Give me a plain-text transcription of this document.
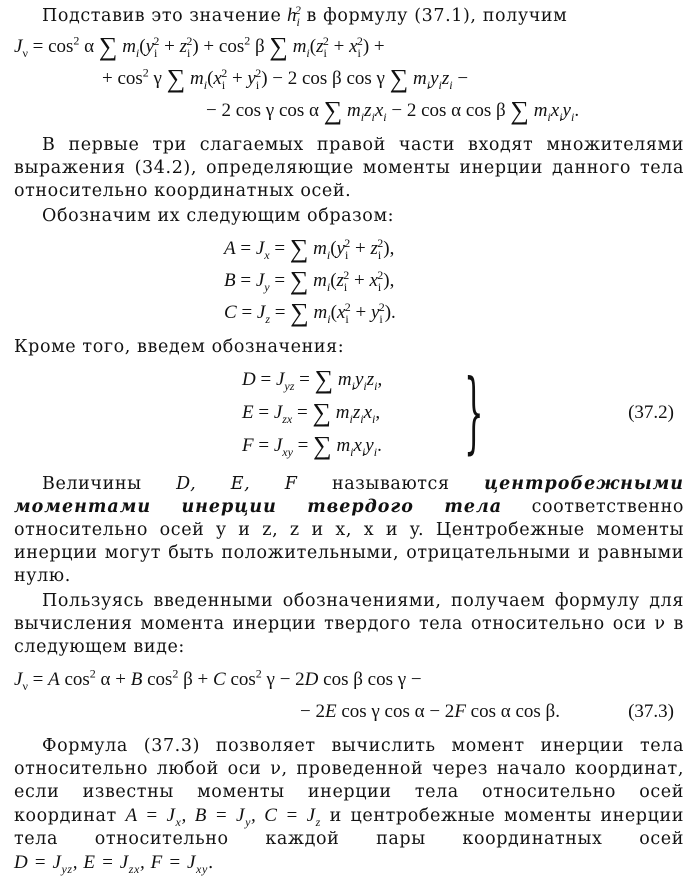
Подставив это значение $h_i^2$ в формулу (37.1), получим

$J_\nu = \cos^2 \alpha$ ∑ $m_i(y_i^2 + z_i^2) + \cos^2 \beta$ ∑ $m_i(z_i^2 + x_i^2)$ +
+ $\cos^2 \gamma$ ∑ $m_i(x_i^2 + y_i^2) - 2$ cos β cos γ ∑ $m_iy_iz_i$ −
− 2 cos γ cos α ∑ $m_iz_ix_i - 2$ cos α cos β ∑ $m_ix_iy_i$.

В первые три слагаемых правой части входят множителями выражения (34.2), определяющие моменты инерции данного тела относительно координатных осей.

Обозначим их следующим образом:

$A = J_x$ = ∑ $m_i(y_i^2 + z_i^2)$,
$B = J_y$ = ∑ $m_i(z_i^2 + x_i^2)$,
$C = J_z$ = ∑ $m_i(x_i^2 + y_i^2)$.

Кроме того, введем обозначения:

$D = J_{yz}$ = ∑ $m_iy_iz_i$,
$E = J_{zx}$ = ∑ $m_iz_ix_i$,	(37.2)
$F = J_{xy}$ = ∑ $m_ix_iy_i$. }

Величины D, E, F называются центробежными моментами инерции твердого тела соответственно относительно осей y и z, z и x, x и y. Центробежные моменты инерции могут быть положительными, отрицательными и равными нулю.

Пользуясь введенными обозначениями, получаем формулу для вычисления момента инерции твердого тела относительно оси ν в следующем виде:

$J_\nu = A$ $\cos^2 \alpha + B$ $\cos^2 \beta + C$ $\cos^2 \gamma - 2D$ cos β cos γ −
− 2E cos γ cos α − 2F cos α cos β.	(37.3)

Формула (37.3) позволяет вычислить момент инерции тела относительно любой оси ν, проведенной через начало координат, если известны моменты инерции тела относительно осей координат $A = J_x$, $B = J_y$, $C = J_z$ и центробежные моменты инерции тела относительно каждой пары координатных осей $D = J_{yz}$, $E = J_{zx}$, $F = J_{xy}$.
